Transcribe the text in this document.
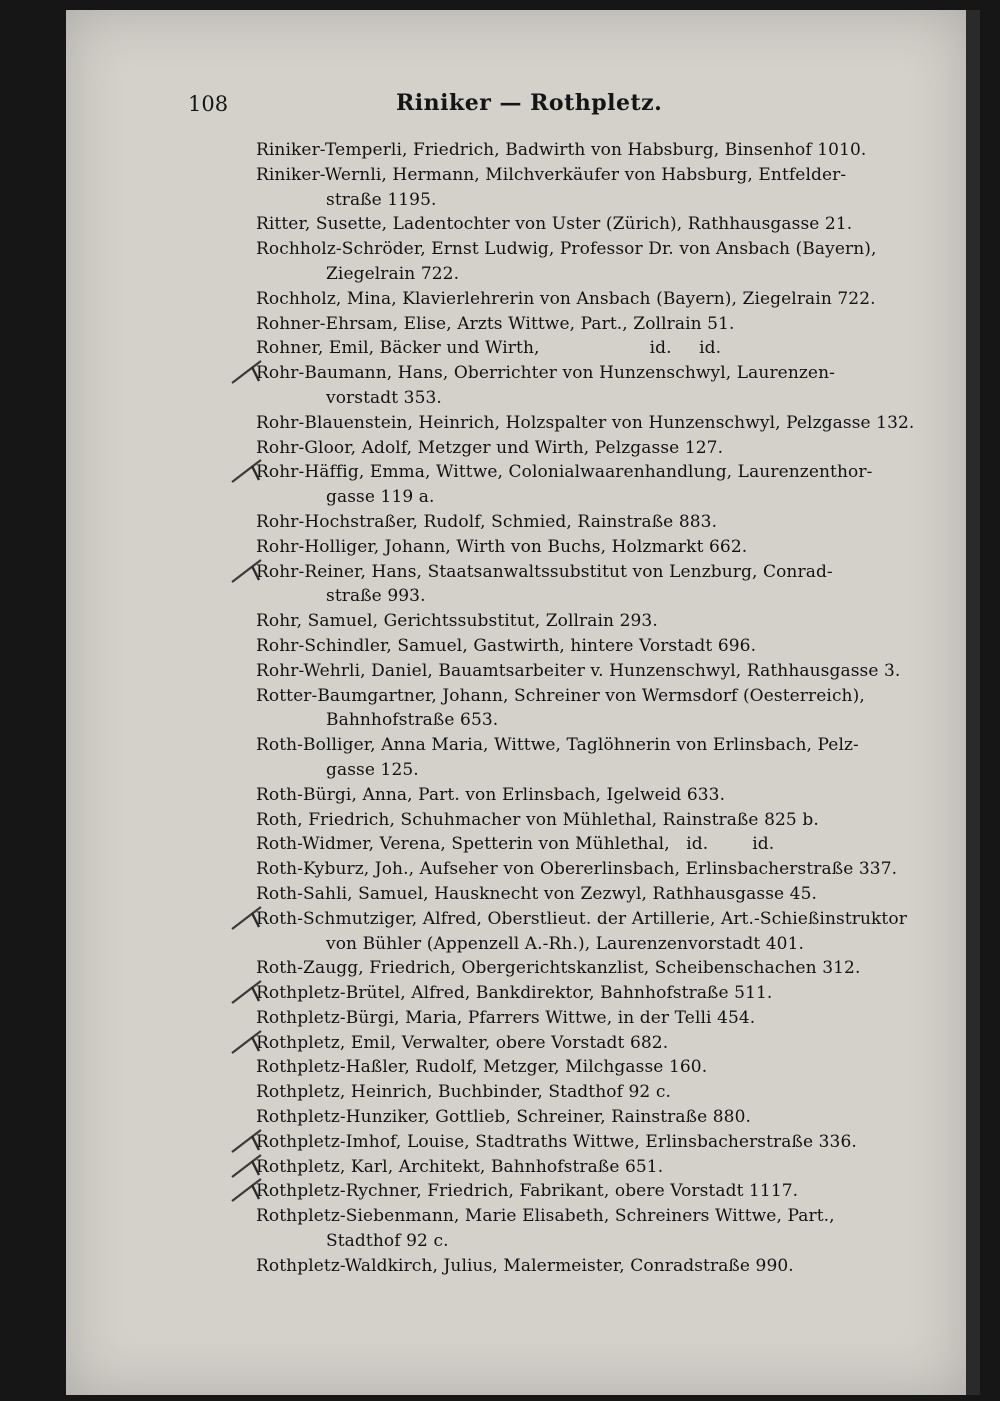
108	Riniker — Rothpletz.
Riniker-Temperli, Friedrich, Badwirth von Habsburg, Binsenhof 1010.
Riniker-Wernli, Hermann, Milchverkäufer von Habsburg, Entfelder-
straße 1195.
Ritter, Susette, Ladentochter von Uster (Zürich), Rathhausgasse 21.
Rochholz-Schröder, Ernst Ludwig, Professor Dr. von Ansbach (Bayern),
Ziegelrain 722.
Rochholz, Mina, Klavierlehrerin von Ansbach (Bayern), Ziegelrain 722.
Rohner-Ehrsam, Elise, Arzts Wittwe, Part., Zollrain 51.
Rohner, Emil, Bäcker und Wirth,                    id.     id.
Rohr-Baumann, Hans, Oberrichter von Hunzenschwyl, Laurenzen-
vorstadt 353.
Rohr-Blauenstein, Heinrich, Holzspalter von Hunzenschwyl, Pelzgasse 132.
Rohr-Gloor, Adolf, Metzger und Wirth, Pelzgasse 127.
Rohr-Häffig, Emma, Wittwe, Colonialwaarenhandlung, Laurenzenthor-
gasse 119 a.
Rohr-Hochstraßer, Rudolf, Schmied, Rainstraße 883.
Rohr-Holliger, Johann, Wirth von Buchs, Holzmarkt 662.
Rohr-Reiner, Hans, Staatsanwaltssubstitut von Lenzburg, Conrad-
straße 993.
Rohr, Samuel, Gerichtssubstitut, Zollrain 293.
Rohr-Schindler, Samuel, Gastwirth, hintere Vorstadt 696.
Rohr-Wehrli, Daniel, Bauamtsarbeiter v. Hunzenschwyl, Rathhausgasse 3.
Rotter-Baumgartner, Johann, Schreiner von Wermsdorf (Oesterreich),
Bahnhofstraße 653.
Roth-Bolliger, Anna Maria, Wittwe, Taglöhnerin von Erlinsbach, Pelz-
gasse 125.
Roth-Bürgi, Anna, Part. von Erlinsbach, Igelweid 633.
Roth, Friedrich, Schuhmacher von Mühlethal, Rainstraße 825 b.
Roth-Widmer, Verena, Spetterin von Mühlethal,   id.        id.
Roth-Kyburz, Joh., Aufseher von Obererlinsbach, Erlinsbacherstraße 337.
Roth-Sahli, Samuel, Hausknecht von Zezwyl, Rathhausgasse 45.
Roth-Schmutziger, Alfred, Oberstlieut. der Artillerie, Art.-Schießinstruktor
von Bühler (Appenzell A.-Rh.), Laurenzenvorstadt 401.
Roth-Zaugg, Friedrich, Obergerichtskanzlist, Scheibenschachen 312.
Rothpletz-Brütel, Alfred, Bankdirektor, Bahnhofstraße 511.
Rothpletz-Bürgi, Maria, Pfarrers Wittwe, in der Telli 454.
Rothpletz, Emil, Verwalter, obere Vorstadt 682.
Rothpletz-Haßler, Rudolf, Metzger, Milchgasse 160.
Rothpletz, Heinrich, Buchbinder, Stadthof 92 c.
Rothpletz-Hunziker, Gottlieb, Schreiner, Rainstraße 880.
Rothpletz-Imhof, Louise, Stadtraths Wittwe, Erlinsbacherstraße 336.
Rothpletz, Karl, Architekt, Bahnhofstraße 651.
Rothpletz-Rychner, Friedrich, Fabrikant, obere Vorstadt 1117.
Rothpletz-Siebenmann, Marie Elisabeth, Schreiners Wittwe, Part.,
Stadthof 92 c.
Rothpletz-Waldkirch, Julius, Malermeister, Conradstraße 990.
